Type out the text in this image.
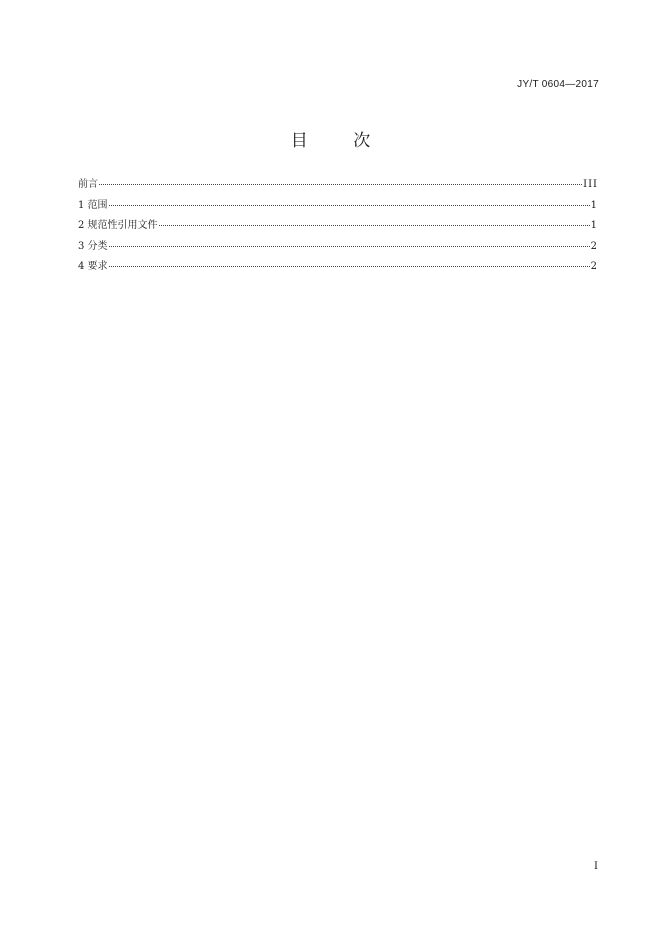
JY/T 0604—2017
目 次
前言	III
1 范围	1
2 规范性引用文件	1
3 分类	2
4 要求	2
I
